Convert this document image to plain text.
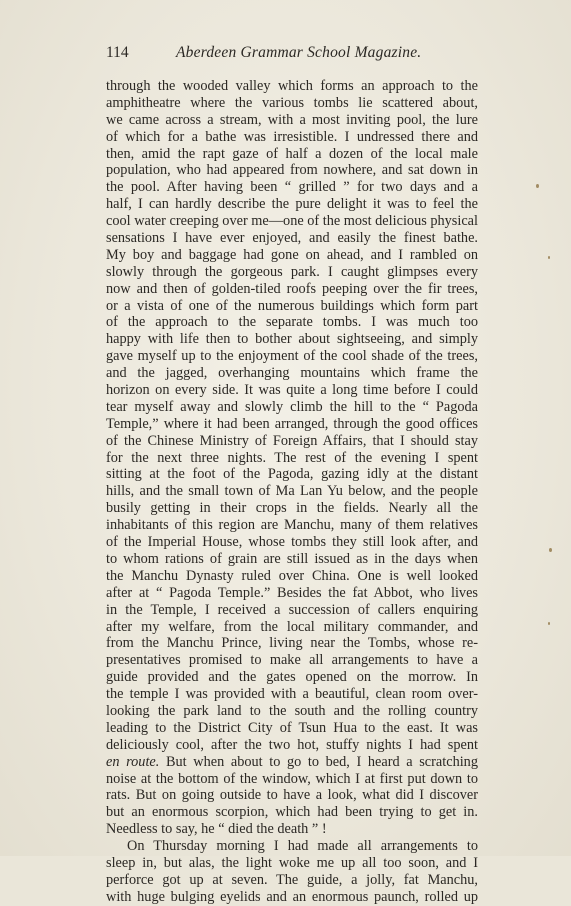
114	Aberdeen Grammar School Magazine.
through the wooded valley which forms an approach to the
amphitheatre where the various tombs lie scattered about,
we came across a stream, with a most inviting pool, the lure
of which for a bathe was irresistible. I undressed there and
then, amid the rapt gaze of half a dozen of the local male
population, who had appeared from nowhere, and sat down in
the pool. After having been “ grilled ” for two days and a
half, I can hardly describe the pure delight it was to feel the
cool water creeping over me—one of the most delicious physical
sensations I have ever enjoyed, and easily the finest bathe.
My boy and baggage had gone on ahead, and I rambled on
slowly through the gorgeous park. I caught glimpses every
now and then of golden-tiled roofs peeping over the fir trees,
or a vista of one of the numerous buildings which form part
of the approach to the separate tombs. I was much too
happy with life then to bother about sightseeing, and simply
gave myself up to the enjoyment of the cool shade of the trees,
and the jagged, overhanging mountains which frame the
horizon on every side. It was quite a long time before I could
tear myself away and slowly climb the hill to the “ Pagoda
Temple,” where it had been arranged, through the good offices
of the Chinese Ministry of Foreign Affairs, that I should stay
for the next three nights. The rest of the evening I spent
sitting at the foot of the Pagoda, gazing idly at the distant
hills, and the small town of Ma Lan Yu below, and the people
busily getting in their crops in the fields. Nearly all the
inhabitants of this region are Manchu, many of them relatives
of the Imperial House, whose tombs they still look after, and
to whom rations of grain are still issued as in the days when
the Manchu Dynasty ruled over China. One is well looked
after at “ Pagoda Temple.” Besides the fat Abbot, who lives
in the Temple, I received a succession of callers enquiring
after my welfare, from the local military commander, and
from the Manchu Prince, living near the Tombs, whose re-
presentatives promised to make all arrangements to have a
guide provided and the gates opened on the morrow. In
the temple I was provided with a beautiful, clean room over-
looking the park land to the south and the rolling country
leading to the District City of Tsun Hua to the east. It was
deliciously cool, after the two hot, stuffy nights I had spent
en route. But when about to go to bed, I heard a scratching
noise at the bottom of the window, which I at first put down to
rats. But on going outside to have a look, what did I discover
but an enormous scorpion, which had been trying to get in.
Needless to say, he “ died the death ” !
On Thursday morning I had made all arrangements to
sleep in, but alas, the light woke me up all too soon, and I
perforce got up at seven. The guide, a jolly, fat Manchu,
with huge bulging eyelids and an enormous paunch, rolled up
